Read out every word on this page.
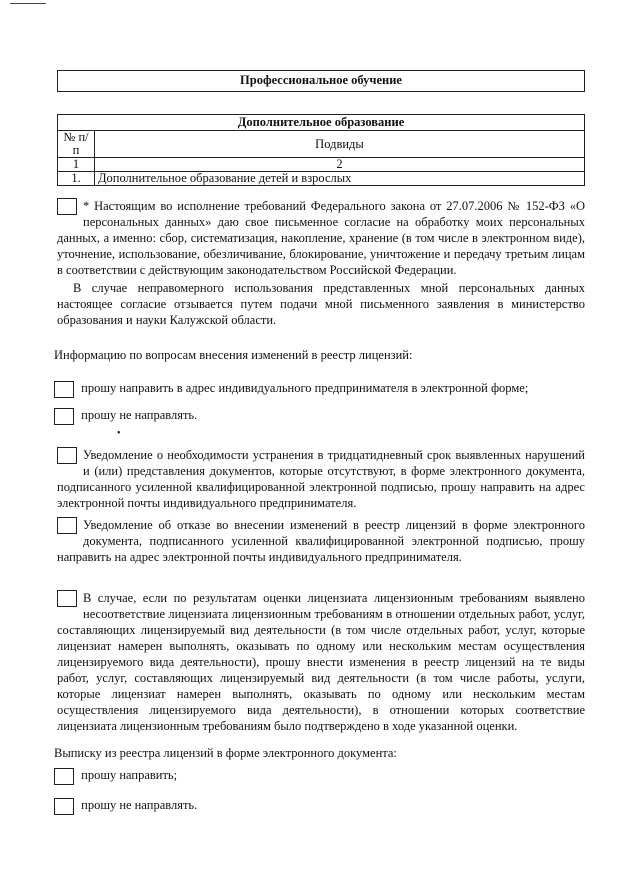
Профессиональное обучение
Дополнительное образование	
№ п/п	Подвиды
1	2
1.	Дополнительное образование детей и взрослых
* Настоящим во исполнение требований Федерального закона от 27.07.2006 № 152-ФЗ «О персональных данных» даю свое письменное согласие на обработку моих персональных данных, а именно: сбор, систематизация, накопление, хранение (в том числе в электронном виде), уточнение, использование, обезличивание, блокирование, уничтожение и передачу третьим лицам в соответствии с действующим законодательством Российской Федерации.
В случае неправомерного использования представленных мной персональных данных настоящее согласие отзывается путем подачи мной письменного заявления в министерство образования и науки Калужской области.
Информацию по вопросам внесения изменений в реестр лицензий:
прошу направить в адрес индивидуального предпринимателя в электронной форме;
прошу не направлять.
•
Уведомление о необходимости устранения в тридцатидневный срок выявленных нарушений и (или) представления документов, которые отсутствуют, в форме электронного документа, подписанного усиленной квалифицированной электронной подписью, прошу направить на адрес электронной почты индивидуального предпринимателя.
Уведомление об отказе во внесении изменений в реестр лицензий в форме электронного документа, подписанного усиленной квалифицированной электронной подписью, прошу направить на адрес электронной почты индивидуального предпринимателя.
В случае, если по результатам оценки лицензиата лицензионным требованиям выявлено несоответствие лицензиата лицензионным требованиям в отношении отдельных работ, услуг, составляющих лицензируемый вид деятельности (в том числе отдельных работ, услуг, которые лицензиат намерен выполнять, оказывать по одному или нескольким местам осуществления лицензируемого вида деятельности), прошу внести изменения в реестр лицензий на те виды работ, услуг, составляющих лицензируемый вид деятельности (в том числе работы, услуги, которые лицензиат намерен выполнять, оказывать по одному или нескольким местам осуществления лицензируемого вида деятельности), в отношении которых соответствие лицензиата лицензионным требованиям было подтверждено в ходе указанной оценки.
Выписку из реестра лицензий в форме электронного документа:
прошу направить;
прошу не направлять.
